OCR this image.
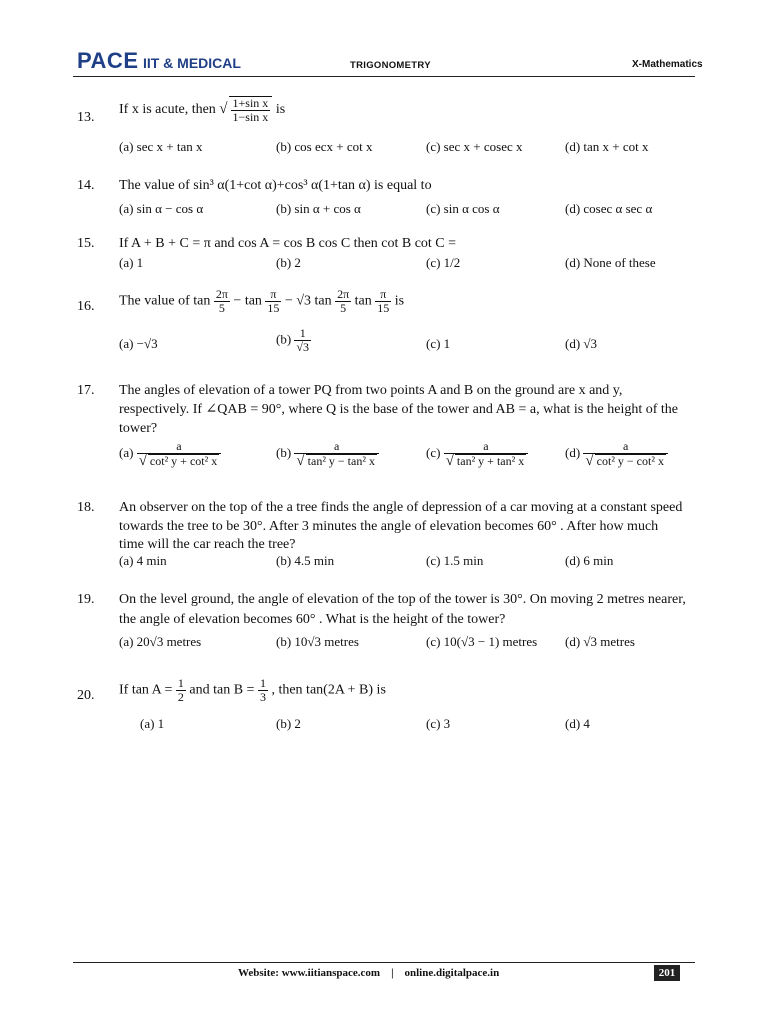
PACE IIT & MEDICAL	TRIGONOMETRY	X-Mathematics
13.
If x is acute, then √ $\frac{\text{1+sin x}}{\text{1−sin x}}$ is
(a) sec x + tan x	(b) cos ecx + cot x	(c) sec x + cosec x	(d) tan x + cot x
14. The value of sin³ α(1+cot α)+cos³ α(1+tan α) is equal to
(a) sin α − cos α	(b) sin α + cos α	(c) sin α cos α	(d) cosec α sec α
15. If A + B + C = π and cos A = cos B cos C then cot B cot C =
(a) 1	(b) 2	(c) 1/2	(d) None of these
16. The value of $\tan \frac{2\pi}{5} - \tan \frac{\pi}{15} - √3$ $\tan \frac{2\pi}{5}$ $\tan \frac{\pi}{15}$ is
(a) −√3	$(b) \frac{1}{√3}$	(c) 1	(d) √3
17. The angles of elevation of a tower PQ from two points A and B on the ground are x and y,
respectively. If ∠QAB = 90°, where Q is the base of the tower and AB = a, what is the height of the
tower?
$(a) \frac{a}{\text{√ cot² y + cot² x}}$	$(b) \frac{a}{\text{√ tan² y − tan² x}}$	$(c) \frac{a}{\text{√ tan² y + tan² x}}$	$(d) \frac{a}{\text{√ cot² y − cot² x}}$
18. An observer on the top of the a tree finds the angle of depression of a car moving at a constant speed
towards the tree to be 30°. After 3 minutes the angle of elevation becomes 60° . After how much
time will the car reach the tree?
(a) 4 min	(b) 4.5 min	(c) 1.5 min	(d) 6 min
19. On the level ground, the angle of elevation of the top of the tower is 30°. On moving 2 metres nearer,
the angle of elevation becomes 60° . What is the height of the tower?
(a) 20√3 metres	(b) 10√3 metres	(c) 10(√3 − 1) metres (d) √3 metres
20. If $\tan A = \frac{1}{2}$ and $\tan B = \frac{1}{3}$ , then tan(2A + B) is
(a) 1	(b) 2	(c) 3	(d) 4
Website: www.iitianspace.com    |    online.digitalpace.in	201
